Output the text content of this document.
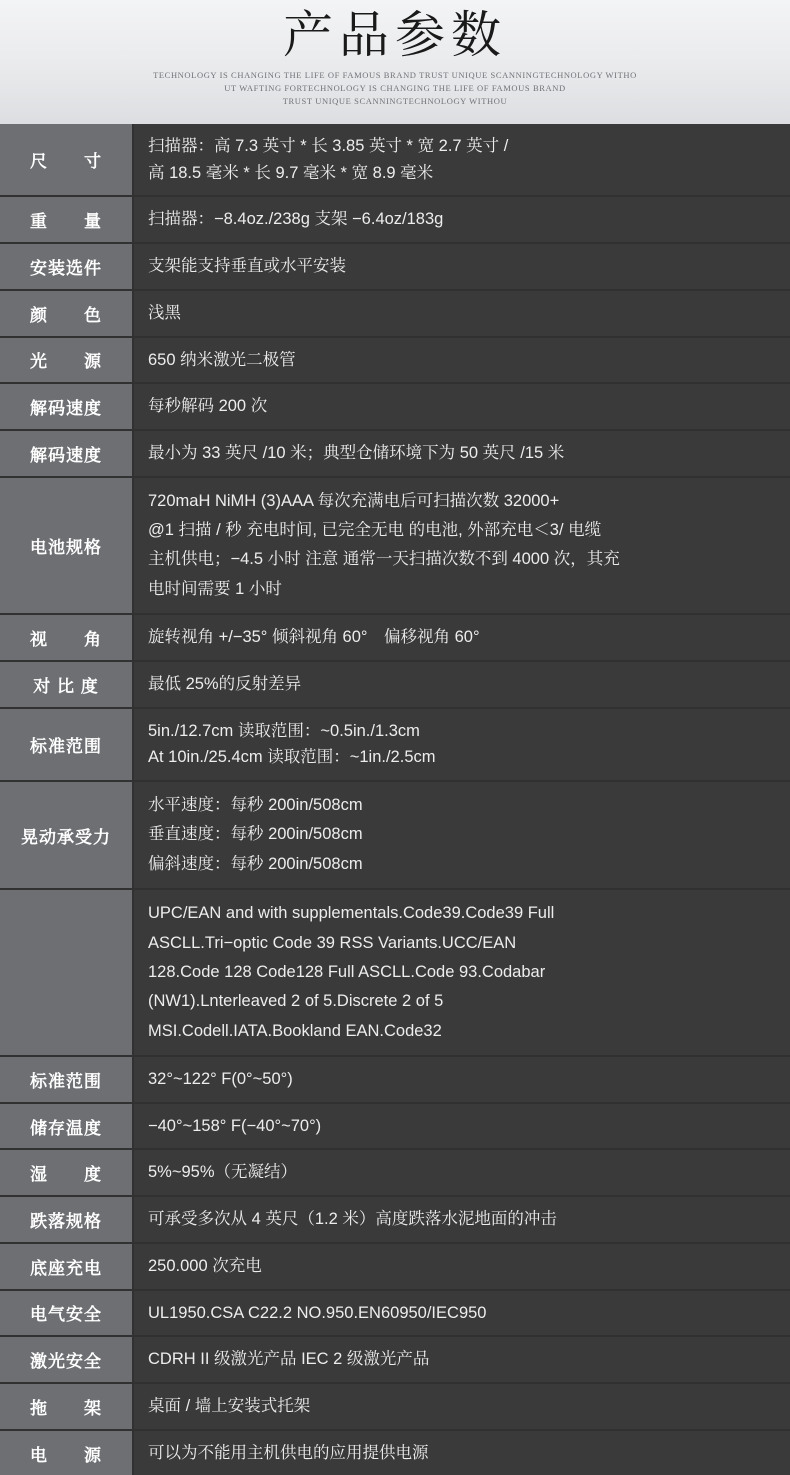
产品参数
TECHNOLOGY IS CHANGING THE LIFE OF FAMOUS BRAND TRUST UNIQUE SCANNINGTECHNOLOGY WITHO
UT WAFTING FORTECHNOLOGY IS CHANGING THE LIFE OF FAMOUS BRAND
TRUST UNIQUE SCANNINGTECHNOLOGY WITHOU
尺　　寸	扫描器：高 7.3 英寸 * 长 3.85 英寸 * 宽 2.7 英寸 /
高 18.5 毫米 * 长 9.7 毫米 * 宽 8.9 毫米

重　　量	扫描器：−8.4oz./238g 支架 −6.4oz/183g

安装选件	支架能支持垂直或水平安装

颜　　色	浅黑

光　　源	650 纳米激光二极管

解码速度	每秒解码 200 次

解码速度	最小为 33 英尺 /10 米；典型仓储环境下为 50 英尺 /15 米

电池规格	720maH NiMH (3)AAA 每次充满电后可扫描次数 32000+
@1 扫描 / 秒 充电时间, 已完全无电 的电池, 外部充电＜3/ 电缆
主机供电；−4.5 小时 注意 通常一天扫描次数不到 4000 次，其充
电时间需要 1 小时

视　　角	旋转视角 +/−35° 倾斜视角 60°　偏移视角 60°

对 比 度	最低 25%的反射差异

标准范围	5in./12.7cm 读取范围：~0.5in./1.3cm
At 10in./25.4cm 读取范围：~1in./2.5cm

晃动承受力	水平速度：每秒 200in/508cm
垂直速度：每秒 200in/508cm
偏斜速度：每秒 200in/508cm

	UPC/EAN and with supplementals.Code39.Code39 Full
ASCLL.Tri−optic Code 39 RSS Variants.UCC/EAN
128.Code 128 Code128 Full ASCLL.Code 93.Codabar
(NW1).Lnterleaved 2 of 5.Discrete 2 of 5
MSI.Codell.IATA.Bookland EAN.Code32

标准范围	32°~122° F(0°~50°)

储存温度	−40°~158° F(−40°~70°)

湿　　度	5%~95%（无凝结）

跌落规格	可承受多次从 4 英尺（1.2 米）高度跌落水泥地面的冲击

底座充电	250.000 次充电

电气安全	UL1950.CSA C22.2 NO.950.EN60950/IEC950

激光安全	CDRH II 级激光产品 IEC 2 级激光产品

拖　　架	桌面 / 墙上安装式托架

电　　源	可以为不能用主机供电的应用提供电源
